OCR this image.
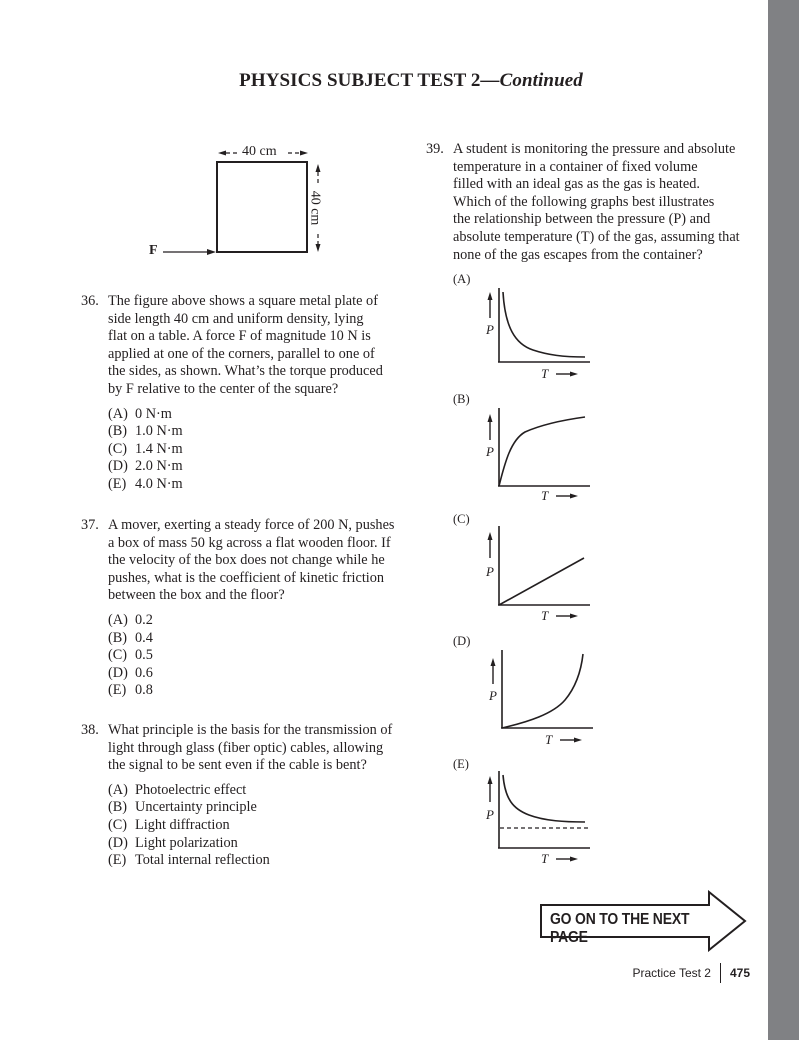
PHYSICS SUBJECT TEST 2—Continued
40 cm
40 cm
F
36. The figure above shows a square metal plate of
side length 40 cm and uniform density, lying
flat on a table. A force F of magnitude 10 N is
applied at one of the corners, parallel to one of
the sides, as shown. What’s the torque produced
by F relative to the center of the square?
(A) 0 N·m
(B) 1.0 N·m
(C) 1.4 N·m
(D) 2.0 N·m
(E) 4.0 N·m
37. A mover, exerting a steady force of 200 N, pushes
a box of mass 50 kg across a flat wooden floor. If
the velocity of the box does not change while he
pushes, what is the coefficient of kinetic friction
between the box and the floor?
(A) 0.2
(B) 0.4
(C) 0.5
(D) 0.6
(E) 0.8
38. What principle is the basis for the transmission of
light through glass (fiber optic) cables, allowing
the signal to be sent even if the cable is bent?
(A) Photoelectric effect
(B) Uncertainty principle
(C) Light diffraction
(D) Light polarization
(E) Total internal reflection
39. A student is monitoring the pressure and absolute
temperature in a container of fixed volume
filled with an ideal gas as the gas is heated.
Which of the following graphs best illustrates
the relationship between the pressure (P) and
absolute temperature (T) of the gas, assuming that
none of the gas escapes from the container?
(A)
P
T
(B)
P
T
(C)
P
T
(D)
P
T
(E)
P
T
GO ON TO THE NEXT PAGE
Practice Test 2 475
